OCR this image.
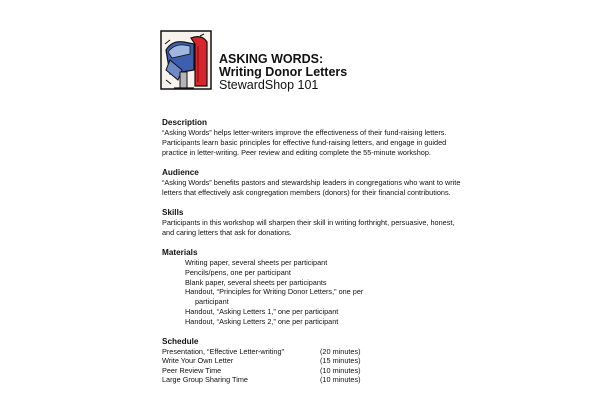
ASKING WORDS:
Writing Donor Letters
StewardShop 101
Description
“Asking Words” helps letter-writers improve the effectiveness of their fund-raising letters. Participants learn basic principles for effective fund-raising letters, and engage in guided practice in letter-writing. Peer review and editing complete the 55-minute workshop.
Audience
“Asking Words” benefits pastors and stewardship leaders in congregations who want to write letters that effectively ask congregation members (donors) for their financial contributions.
Skills
Participants in this workshop will sharpen their skill in writing forthright, persuasive, honest, and caring letters that ask for donations.
Materials
Writing paper, several sheets per participant
Pencils/pens, one per participant
Blank paper, several sheets per participants
Handout, “Principles for Writing Donor Letters,” one per
participant
Handout, “Asking Letters 1,” one per participant
Handout, “Asking Letters 2,” one per participant
Schedule
Presentation, “Effective Letter-writing”	(20 minutes)
Write Your Own Letter	(15 minutes)
Peer Review Time	(10 minutes)
Large Group Sharing Time	(10 minutes)
